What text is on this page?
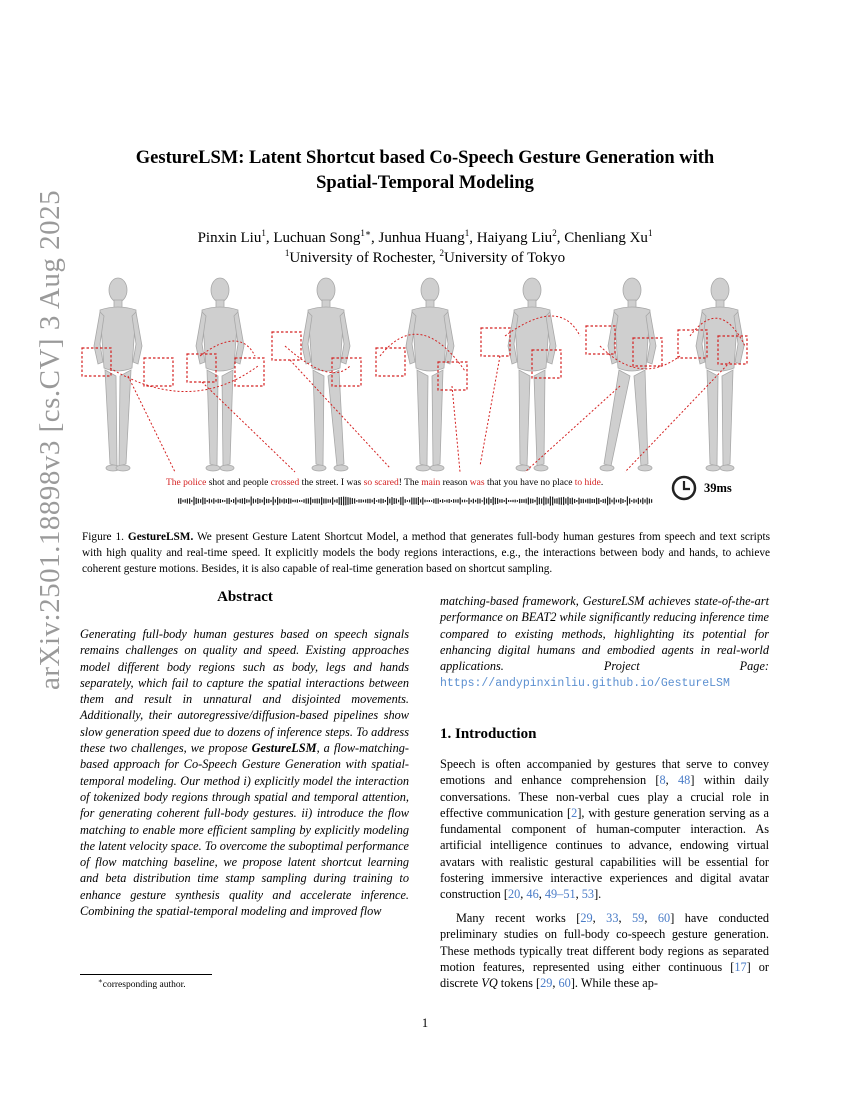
arXiv:2501.18898v3 [cs.CV] 3 Aug 2025
GestureLSM: Latent Shortcut based Co-Speech Gesture Generation with
Spatial-Temporal Modeling
Pinxin Liu$^1$, Luchuan Song$^{1∗}$, Junhua Huang$^1$, Haiyang Liu$^2$, Chenliang Xu$^1$
$^1$University of Rochester, $^2$University of Tokyo
The police shot and people crossed the street. I was so scared! The main reason was that you have no place to hide.	39ms
Figure 1. GestureLSM. We present Gesture Latent Shortcut Model, a method that generates full-body human gestures from speech and text scripts with high quality and real-time speed. It explicitly models the body regions interactions, e.g., the interactions between body and hands, to achieve coherent gesture motions. Besides, it is also capable of real-time generation based on shortcut sampling.
Abstract
Generating full-body human gestures based on speech signals remains challenges on quality and speed. Existing approaches model different body regions such as body, legs and hands separately, which fail to capture the spatial interactions between them and result in unnatural and disjointed movements. Additionally, their autoregressive/diffusion-based pipelines show slow generation speed due to dozens of inference steps. To address these two challenges, we propose GestureLSM, a flow-matching-based approach for Co-Speech Gesture Generation with spatial-temporal modeling. Our method i) explicitly model the interaction of tokenized body regions through spatial and temporal attention, for generating coherent full-body gestures. ii) introduce the flow matching to enable more efficient sampling by explicitly modeling the latent velocity space. To overcome the suboptimal performance of flow matching baseline, we propose latent shortcut learning and beta distribution time stamp sampling during training to enhance gesture synthesis quality and accelerate inference. Combining the spatial-temporal modeling and improved flow
matching-based framework, GestureLSM achieves state-of-the-art performance on BEAT2 while significantly reducing inference time compared to existing methods, highlighting its potential for enhancing digital humans and embodied agents in real-world applications. Project Page: https://andypinxinliu.github.io/GestureLSM
1. Introduction
Speech is often accompanied by gestures that serve to convey emotions and enhance comprehension [8, 48] within daily conversations. These non-verbal cues play a crucial role in effective communication [2], with gesture generation serving as a fundamental component of human-computer interaction. As artificial intelligence continues to advance, endowing virtual avatars with realistic gestural capabilities will be essential for fostering immersive interactive experiences and digital avatar construction [20, 46, 49–51, 53].
Many recent works [29, 33, 59, 60] have conducted preliminary studies on full-body co-speech gesture generation. These methods typically treat different body regions as separated motion features, represented using either continuous [17] or discrete VQ tokens [29, 60]. While these ap-
∗corresponding author.
1
